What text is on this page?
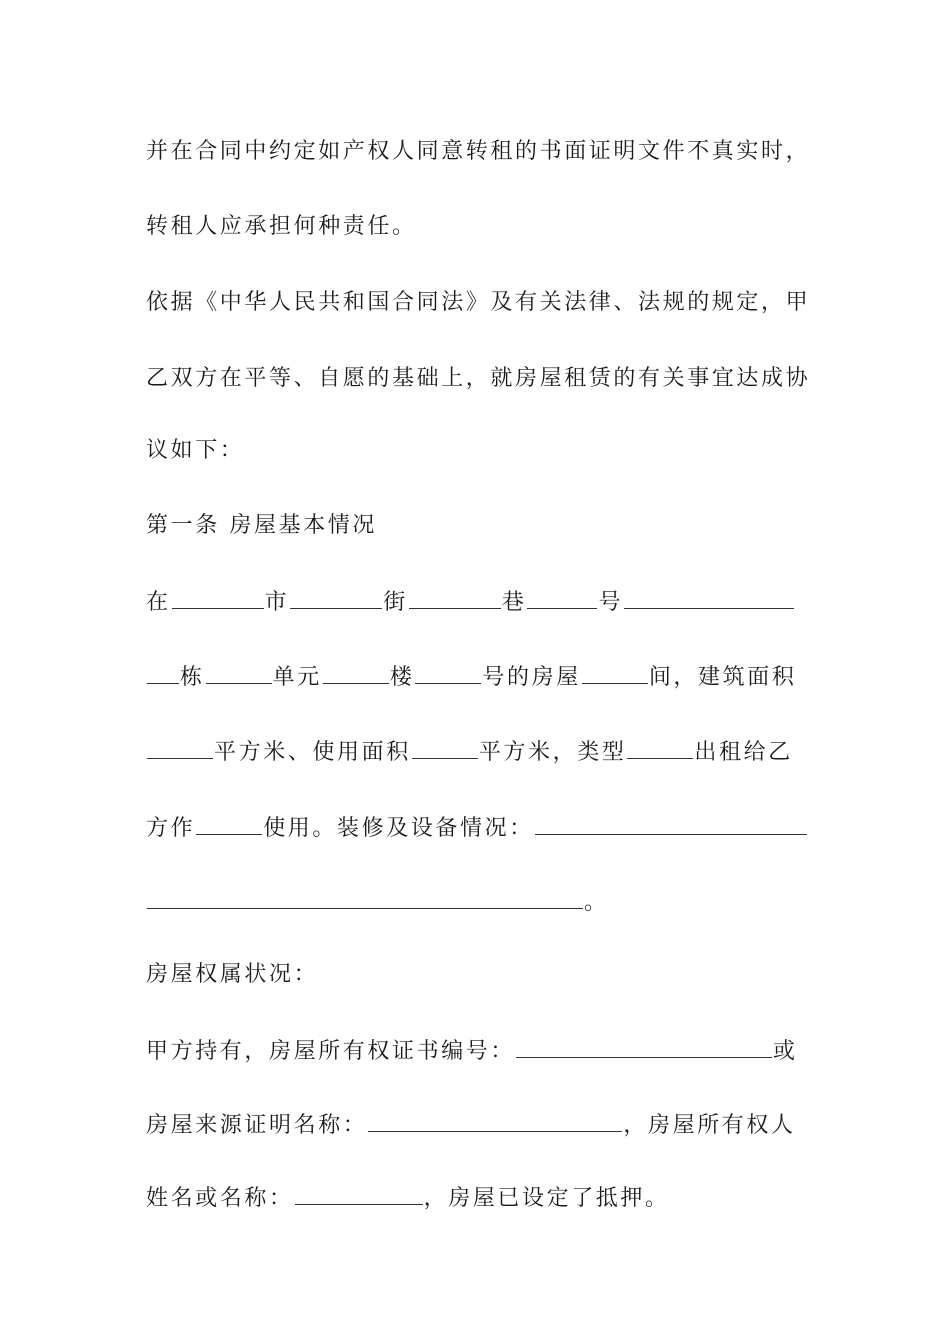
并在合同中约定如产权人同意转租的书面证明文件不真实时，
转租人应承担何种责任。
依据《中华人民共和国合同法》及有关法律、法规的规定，甲
乙双方在平等、自愿的基础上，就房屋租赁的有关事宜达成协
议如下：
第一条 房屋基本情况
在	市	街	巷	号
栋	单元	楼	号的房屋	间，建筑面积
平方米、使用面积	平方米，类型	出租给乙
方作	使用。装修及设备情况：
。
房屋权属状况：
甲方持有，房屋所有权证书编号：	或
房屋来源证明名称：	，房屋所有权人
姓名或名称：	，房屋已设定了抵押。
